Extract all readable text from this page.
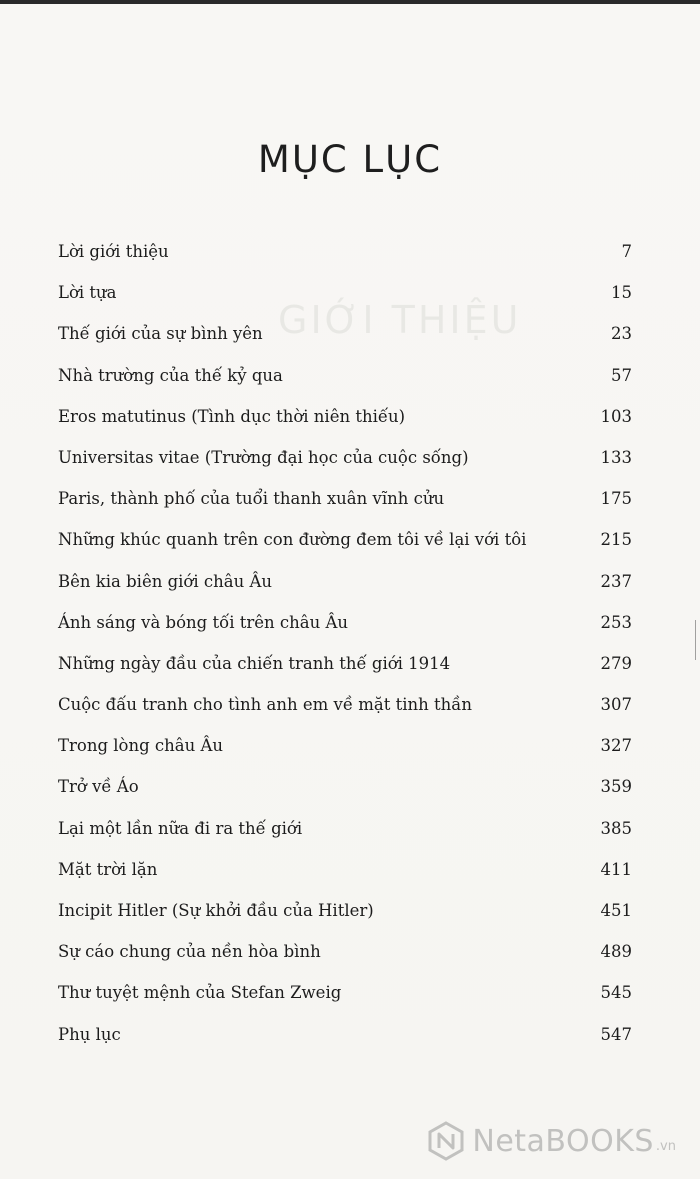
GIỚI THIỆU
MỤC LỤC
Lời giới thiệu	7
Lời tựa	15
Thế giới của sự bình yên	23
Nhà trường của thế kỷ qua	57
Eros matutinus (Tình dục thời niên thiếu)	103
Universitas vitae (Trường đại học của cuộc sống)	133
Paris, thành phố của tuổi thanh xuân vĩnh cửu	175
Những khúc quanh trên con đường đem tôi về lại với tôi	215
Bên kia biên giới châu Âu	237
Ánh sáng và bóng tối trên châu Âu	253
Những ngày đầu của chiến tranh thế giới 1914	279
Cuộc đấu tranh cho tình anh em về mặt tinh thần	307
Trong lòng châu Âu	327
Trở về Áo	359
Lại một lần nữa đi ra thế giới	385
Mặt trời lặn	411
Incipit Hitler (Sự khởi đầu của Hitler)	451
Sự cáo chung của nền hòa bình	489
Thư tuyệt mệnh của Stefan Zweig	545
Phụ lục	547
NetaBOOKS .vn
